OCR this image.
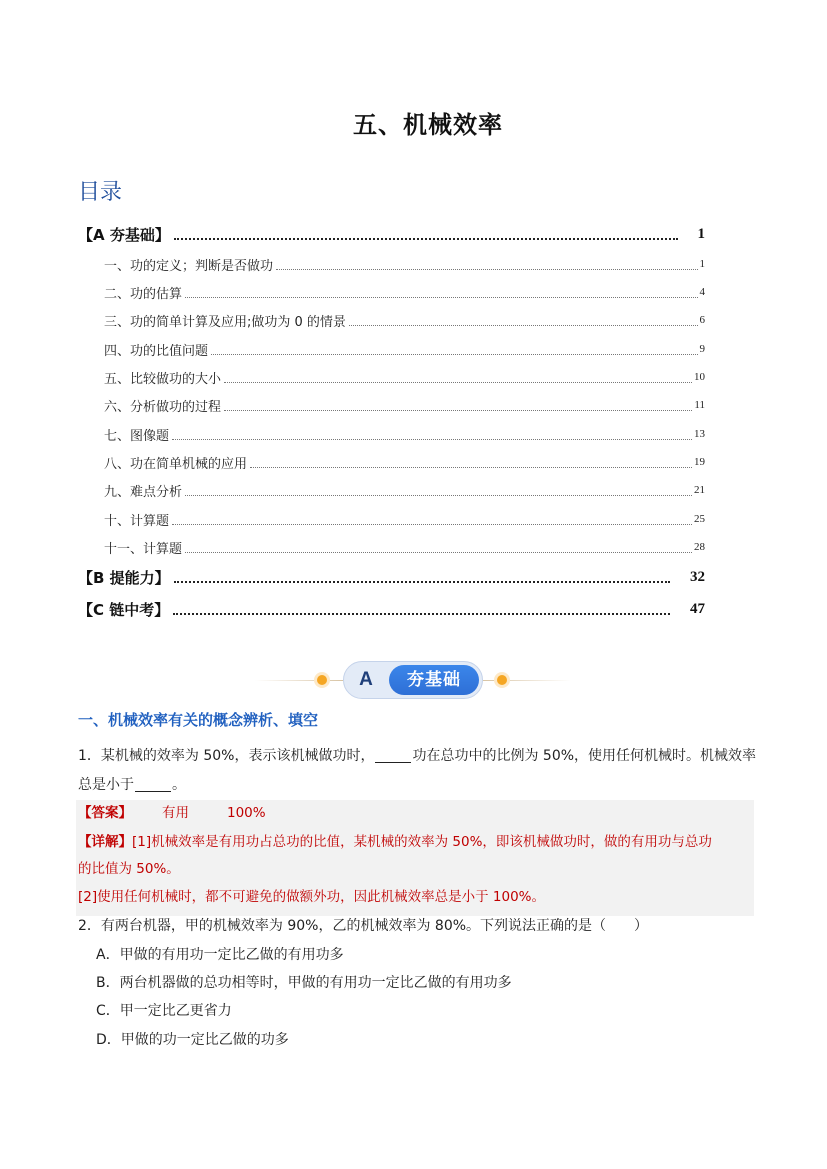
五、机械效率
目录
【A 夯基础】	1
一、功的定义；判断是否做功	1
二、功的估算	4
三、功的简单计算及应用;做功为 0 的情景	6
四、功的比值问题	9
五、比较做功的大小	10
六、分析做功的过程	11
七、图像题	13
八、功在简单机械的应用	19
九、难点分析	21
十、计算题	25
十一、计算题	28
【B 提能力】	32
【C 链中考】	47
A	夯基础
一、机械效率有关的概念辨析、填空
1．某机械的效率为 50%，表示该机械做功时，	功在总功中的比例为 50%，使用任何机械时。机械效率
总是小于	。
【答案】 有用	100%
【详解】[1]机械效率是有用功占总功的比值，某机械的效率为 50%，即该机械做功时，做的有用功与总功
的比值为 50%。
[2]使用任何机械时，都不可避免的做额外功，因此机械效率总是小于 100%。
2．有两台机器，甲的机械效率为 90%，乙的机械效率为 80%。下列说法正确的是（　　）
A．甲做的有用功一定比乙做的有用功多
B．两台机器做的总功相等时，甲做的有用功一定比乙做的有用功多
C．甲一定比乙更省力
D．甲做的功一定比乙做的功多
